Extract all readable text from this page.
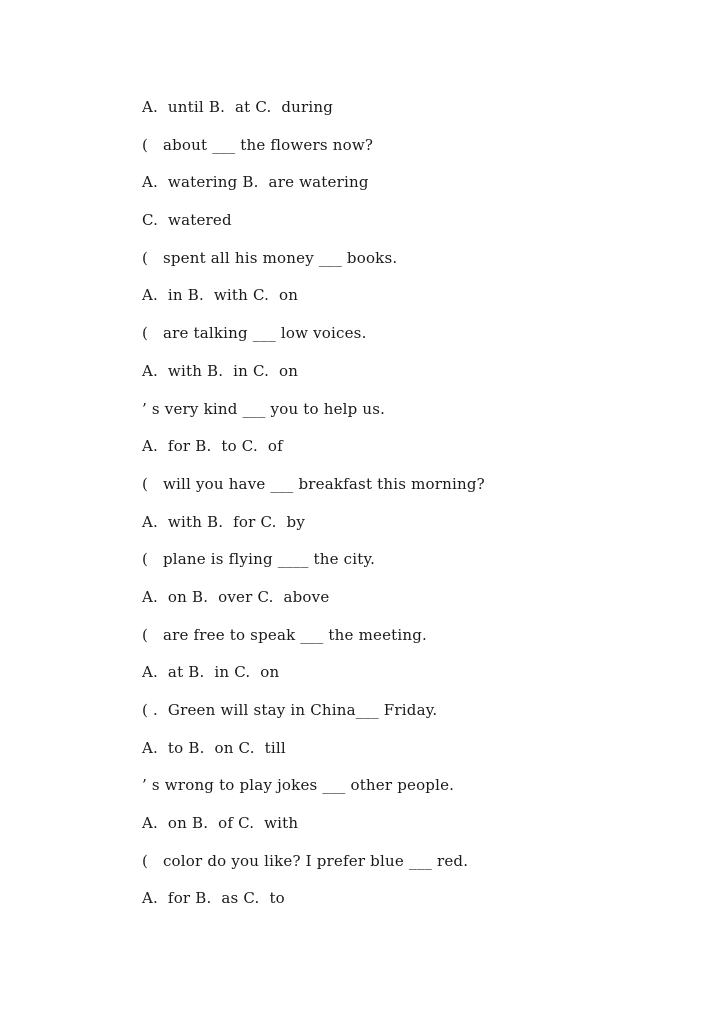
A.  until B.  at C.  during
(   about ___ the flowers now?
A.  watering B.  are watering
C.  watered
(   spent all his money ___ books.
A.  in B.  with C.  on
(   are talking ___ low voices.
A.  with B.  in C.  on
’ s very kind ___ you to help us.
A.  for B.  to C.  of
(   will you have ___ breakfast this morning?
A.  with B.  for C.  by
(   plane is flying ____ the city.
A.  on B.  over C.  above
(   are free to speak ___ the meeting.
A.  at B.  in C.  on
( .  Green will stay in China___ Friday.
A.  to B.  on C.  till
’ s wrong to play jokes ___ other people.
A.  on B.  of C.  with
(   color do you like? I prefer blue ___ red.
A.  for B.  as C.  to
